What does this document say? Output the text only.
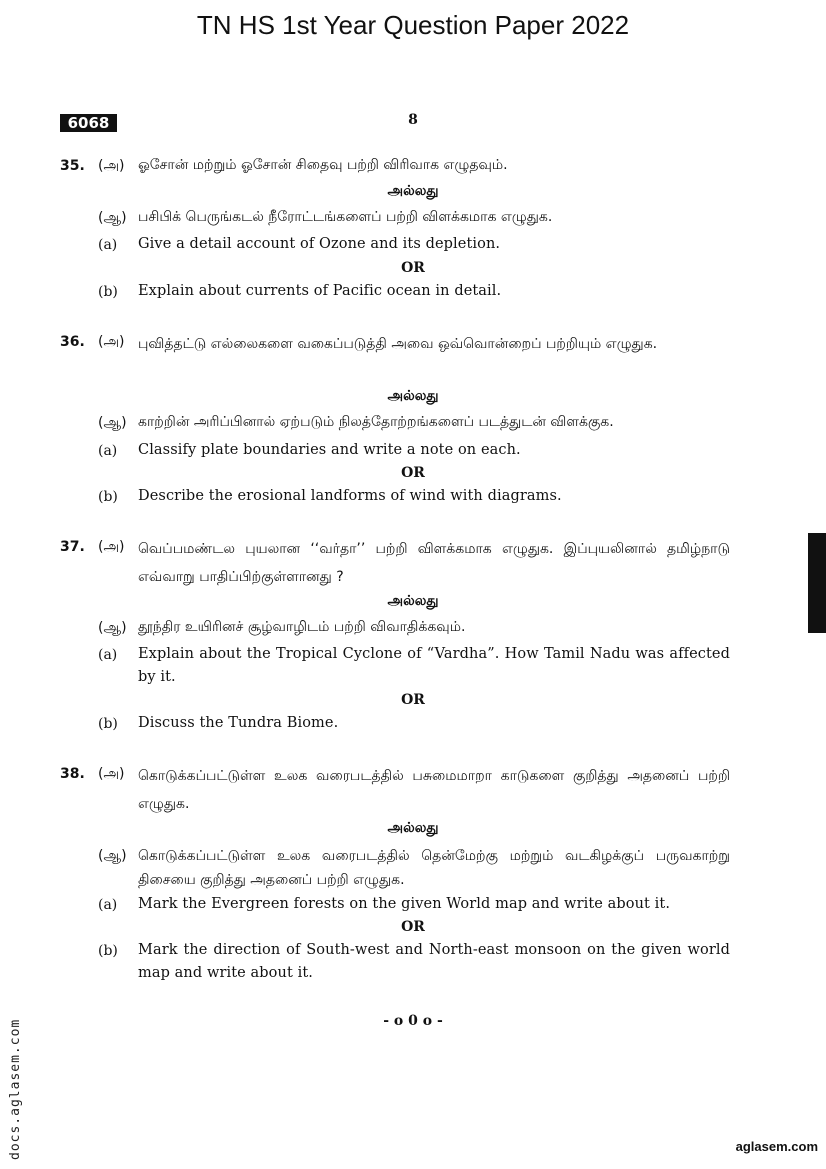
TN HS 1st Year Question Paper 2022
6068	8
35. (அ) ஓசோன் மற்றும் ஓசோன் சிதைவு பற்றி விரிவாக எழுதவும்.
அல்லது
(ஆ) பசிபிக் பெருங்கடல் நீரோட்டங்களைப் பற்றி விளக்கமாக எழுதுக.
(a) Give a detail account of Ozone and its depletion.
OR
(b) Explain about currents of Pacific ocean in detail.
36. (அ) புவித்தட்டு எல்லைகளை வகைப்படுத்தி அவை ஒவ்வொன்றைப் பற்றியும் எழுதுக.
அல்லது
(ஆ) காற்றின் அரிப்பினால் ஏற்படும் நிலத்தோற்றங்களைப் படத்துடன் விளக்குக.
(a) Classify plate boundaries and write a note on each.
OR
(b) Describe the erosional landforms of wind with diagrams.
37. (அ) வெப்பமண்டல புயலான ‘‘வர்தா’’ பற்றி விளக்கமாக எழுதுக. இப்புயலினால் தமிழ்நாடு எவ்வாறு பாதிப்பிற்குள்ளானது ?
அல்லது
(ஆ) தூந்திர உயிரினச் சூழ்வாழிடம் பற்றி விவாதிக்கவும்.
(a) Explain about the Tropical Cyclone of “Vardha”. How Tamil Nadu was affected by it.
OR
(b) Discuss the Tundra Biome.
38. (அ) கொடுக்கப்பட்டுள்ள உலக வரைபடத்தில் பசுமைமாறா காடுகளை குறித்து அதனைப் பற்றி எழுதுக.
அல்லது
(ஆ) கொடுக்கப்பட்டுள்ள உலக வரைபடத்தில் தென்மேற்கு மற்றும் வடகிழக்குப் பருவகாற்று திசையை குறித்து அதனைப் பற்றி எழுதுக.
(a) Mark the Evergreen forests on the given World map and write about it.
OR
(b) Mark the direction of South-west and North-east monsoon on the given world map and write about it.
- o 0 o -
docs.aglasem.com	aglasem.com
